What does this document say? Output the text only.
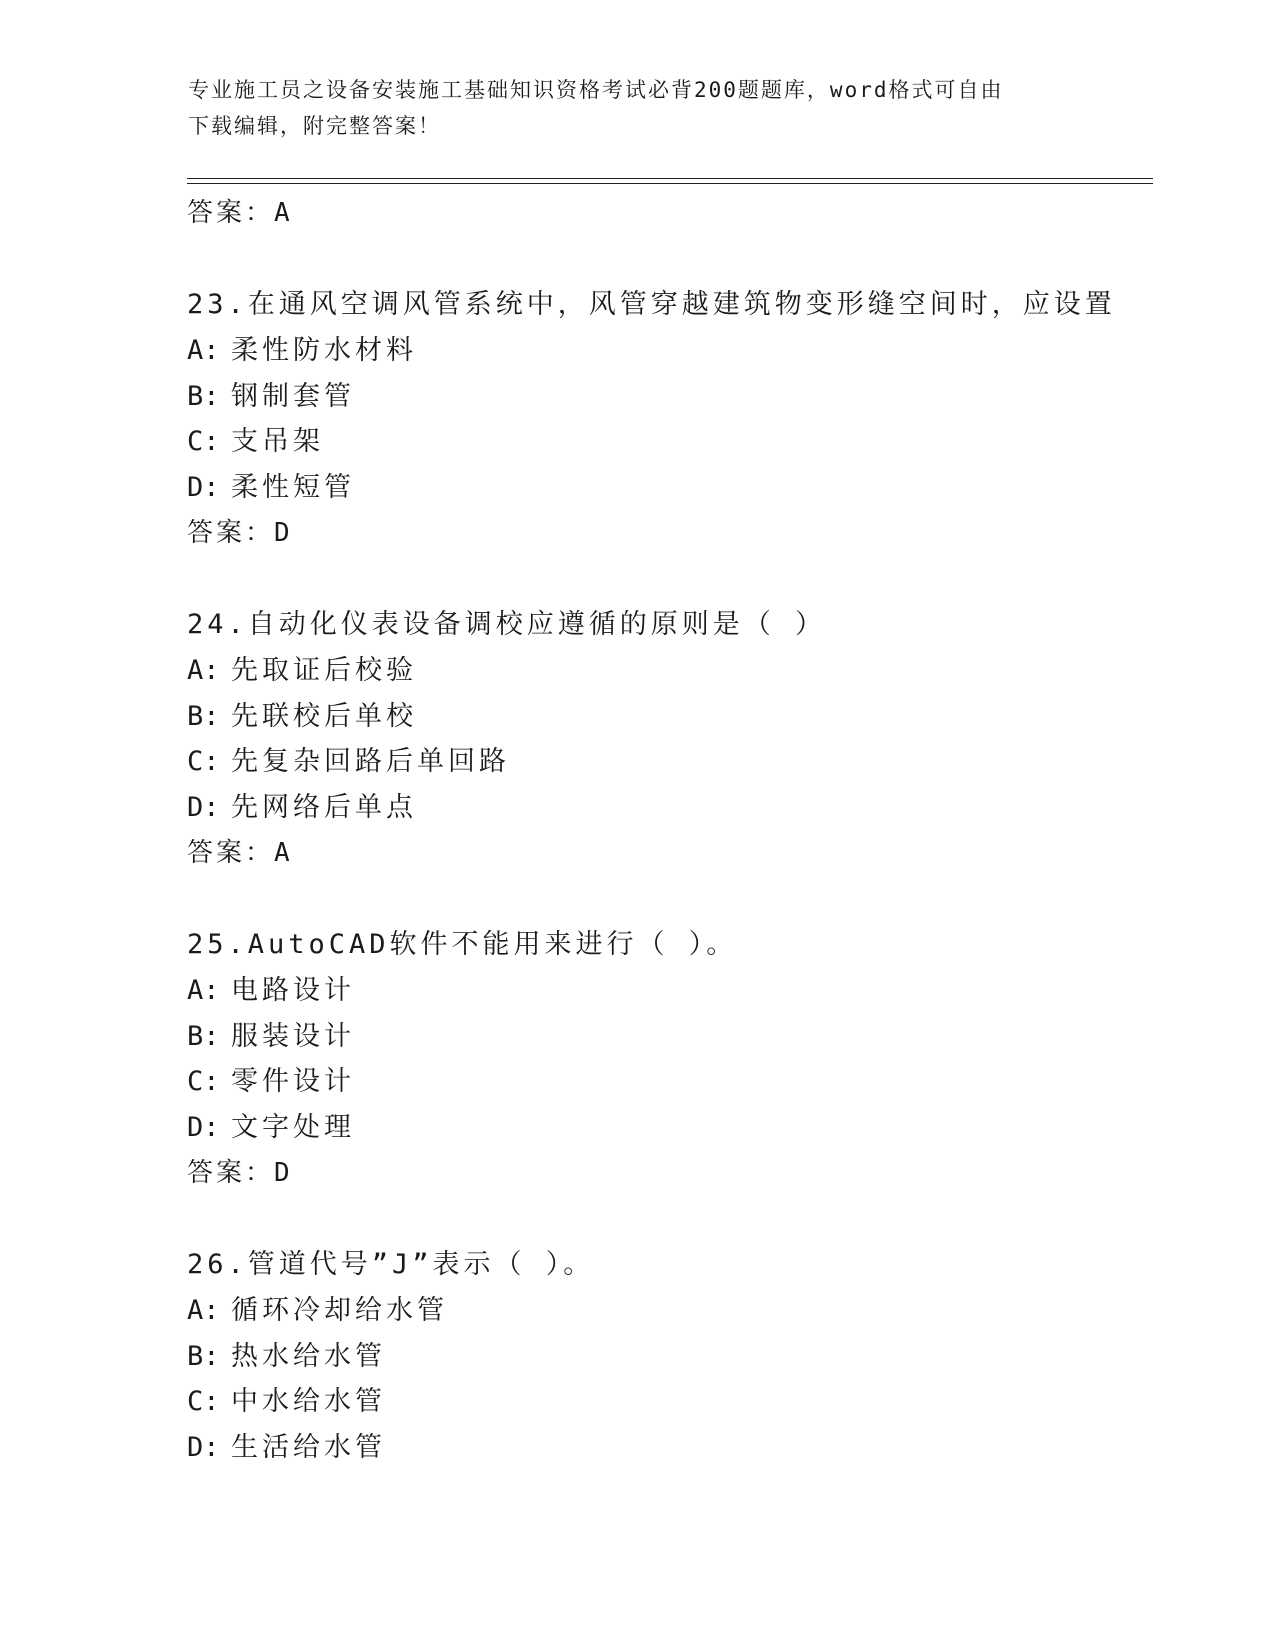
专业施工员之设备安装施工基础知识资格考试必背200题题库，word格式可自由
下载编辑，附完整答案！
答案：A
23.在通风空调风管系统中，风管穿越建筑物变形缝空间时，应设置
A: 柔性防水材料
B: 钢制套管
C: 支吊架
D: 柔性短管
答案：D
24.自动化仪表设备调校应遵循的原则是（ ）
A: 先取证后校验
B: 先联校后单校
C: 先复杂回路后单回路
D: 先网络后单点
答案：A
25.AutoCAD软件不能用来进行（ ）。
A: 电路设计
B: 服装设计
C: 零件设计
D: 文字处理
答案：D
26.管道代号”J”表示（ ）。
A: 循环冷却给水管
B: 热水给水管
C: 中水给水管
D: 生活给水管
